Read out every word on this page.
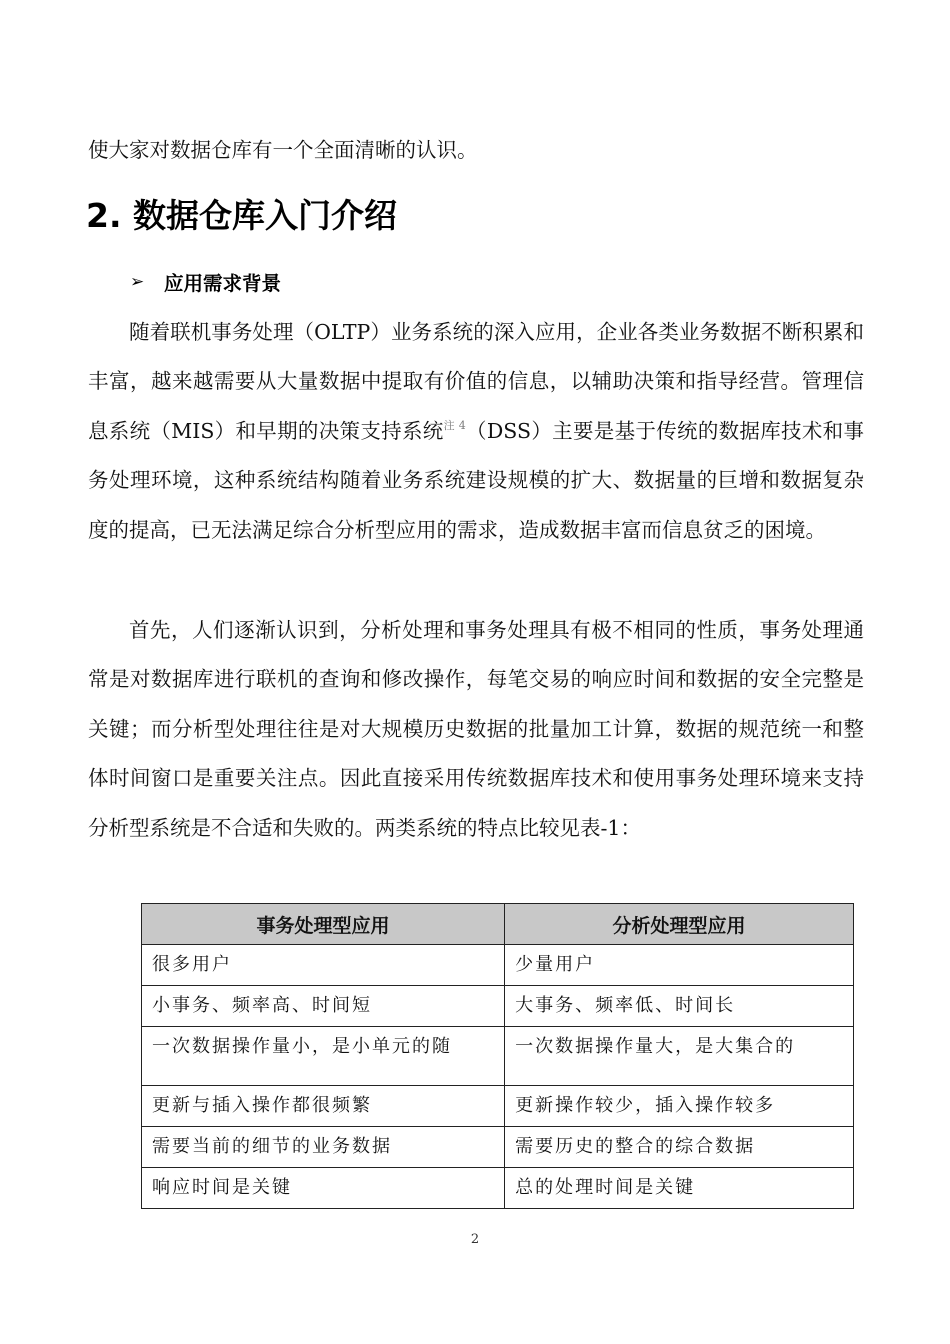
使大家对数据仓库有一个全面清晰的认识。

2. 数据仓库入门介绍
➢	应用需求背景

随着联机事务处理（OLTP）业务系统的深入应用，企业各类业务数据不断积累和丰富，越来越需要从大量数据中提取有价值的信息，以辅助决策和指导经营。管理信息系统（MIS）和早期的决策支持系统$^{注 4}$（DSS）主要是基于传统的数据库技术和事务处理环境，这种系统结构随着业务系统建设规模的扩大、数据量的巨增和数据复杂度的提高，已无法满足综合分析型应用的需求，造成数据丰富而信息贫乏的困境。

首先，人们逐渐认识到，分析处理和事务处理具有极不相同的性质，事务处理通常是对数据库进行联机的查询和修改操作，每笔交易的响应时间和数据的安全完整是关键；而分析型处理往往是对大规模历史数据的批量加工计算，数据的规范统一和整体时间窗口是重要关注点。因此直接采用传统数据库技术和使用事务处理环境来支持分析型系统是不合适和失败的。两类系统的特点比较见表-1：

事务处理型应用	分析处理型应用
很多用户	少量用户
小事务、频率高、时间短	大事务、频率低、时间长
一次数据操作量小，是小单元的随	一次数据操作量大，是大集合的
更新与插入操作都很频繁	更新操作较少，插入操作较多
需要当前的细节的业务数据	需要历史的整合的综合数据
响应时间是关键	总的处理时间是关键
2
